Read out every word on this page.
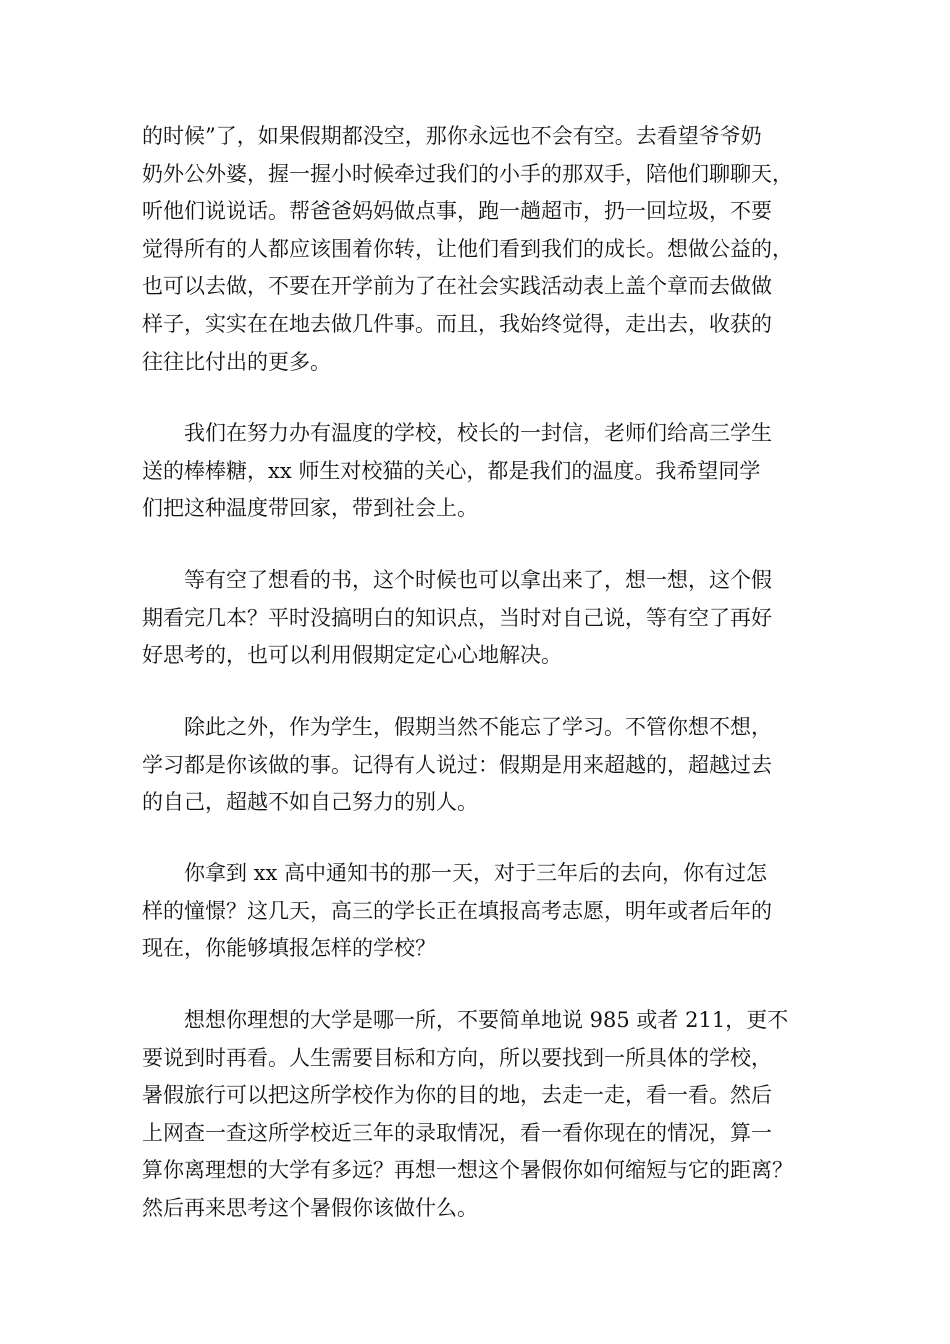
的时候”了，如果假期都没空，那你永远也不会有空。去看望爷爷奶
奶外公外婆，握一握小时候牵过我们的小手的那双手，陪他们聊聊天，
听他们说说话。帮爸爸妈妈做点事，跑一趟超市，扔一回垃圾，不要
觉得所有的人都应该围着你转，让他们看到我们的成长。想做公益的，
也可以去做，不要在开学前为了在社会实践活动表上盖个章而去做做
样子，实实在在地去做几件事。而且，我始终觉得，走出去，收获的
往往比付出的更多。
我们在努力办有温度的学校，校长的一封信，老师们给高三学生
送的棒棒糖，xx 师生对校猫的关心，都是我们的温度。我希望同学
们把这种温度带回家，带到社会上。
等有空了想看的书，这个时候也可以拿出来了，想一想，这个假
期看完几本？平时没搞明白的知识点，当时对自己说，等有空了再好
好思考的，也可以利用假期定定心心地解决。
除此之外，作为学生，假期当然不能忘了学习。不管你想不想，
学习都是你该做的事。记得有人说过：假期是用来超越的，超越过去
的自己，超越不如自己努力的别人。
你拿到 xx 高中通知书的那一天，对于三年后的去向，你有过怎
样的憧憬？这几天，高三的学长正在填报高考志愿，明年或者后年的
现在，你能够填报怎样的学校？
想想你理想的大学是哪一所，不要简单地说 985 或者 211，更不
要说到时再看。人生需要目标和方向，所以要找到一所具体的学校，
暑假旅行可以把这所学校作为你的目的地，去走一走，看一看。然后
上网查一查这所学校近三年的录取情况，看一看你现在的情况，算一
算你离理想的大学有多远？再想一想这个暑假你如何缩短与它的距离？
然后再来思考这个暑假你该做什么。
